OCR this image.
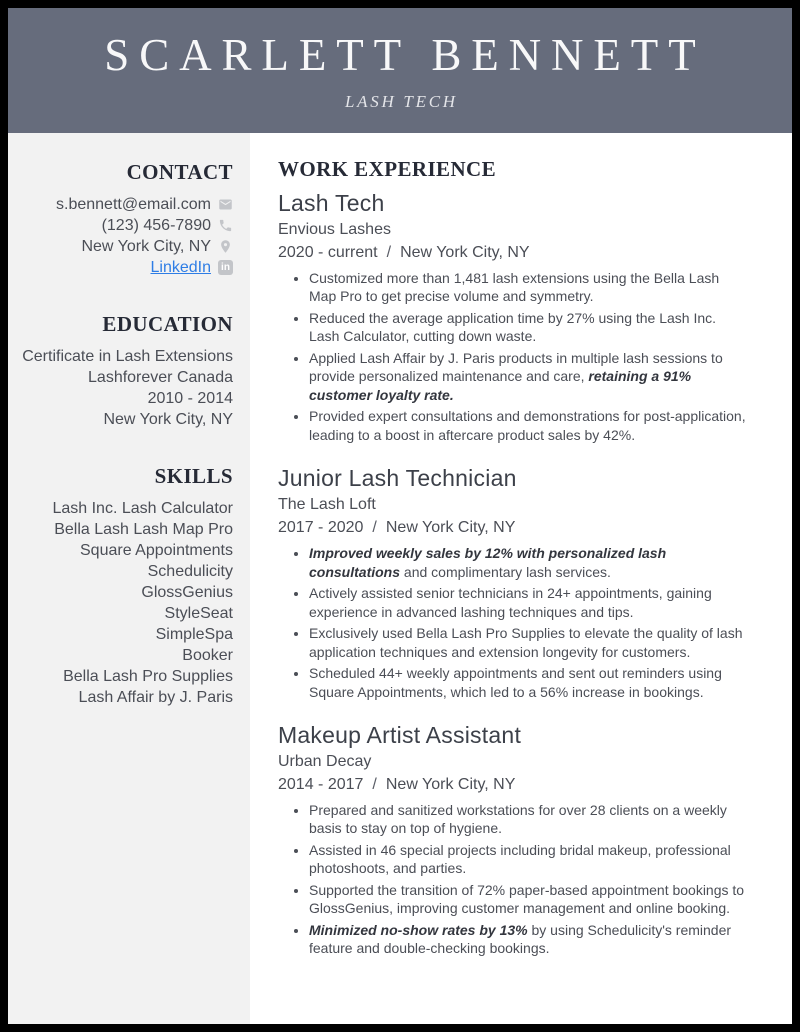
SCARLETT BENNETT
LASH TECH
CONTACT
s.bennett@email.com
(123) 456-7890
New York City, NY
LinkedIn	in
EDUCATION
Certificate in Lash Extensions
Lashforever Canada
2010 - 2014
New York City, NY
SKILLS
Lash Inc. Lash Calculator
Bella Lash Lash Map Pro
Square Appointments
Schedulicity
GlossGenius
StyleSeat
SimpleSpa
Booker
Bella Lash Pro Supplies
Lash Affair by J. Paris
WORK EXPERIENCE
Lash Tech
Envious Lashes
2020 - current / New York City, NY
• Customized more than 1,481 lash extensions using the Bella Lash Map Pro to get precise volume and symmetry.
• Reduced the average application time by 27% using the Lash Inc. Lash Calculator, cutting down waste.
• Applied Lash Affair by J. Paris products in multiple lash sessions to provide personalized maintenance and care, retaining a 91% customer loyalty rate.
• Provided expert consultations and demonstrations for post-application, leading to a boost in aftercare product sales by 42%.
Junior Lash Technician
The Lash Loft
2017 - 2020 / New York City, NY
• Improved weekly sales by 12% with personalized lash consultations and complimentary lash services.
• Actively assisted senior technicians in 24+ appointments, gaining experience in advanced lashing techniques and tips.
• Exclusively used Bella Lash Pro Supplies to elevate the quality of lash application techniques and extension longevity for customers.
• Scheduled 44+ weekly appointments and sent out reminders using Square Appointments, which led to a 56% increase in bookings.
Makeup Artist Assistant
Urban Decay
2014 - 2017 / New York City, NY
• Prepared and sanitized workstations for over 28 clients on a weekly basis to stay on top of hygiene.
• Assisted in 46 special projects including bridal makeup, professional photoshoots, and parties.
• Supported the transition of 72% paper-based appointment bookings to GlossGenius, improving customer management and online booking.
• Minimized no-show rates by 13% by using Schedulicity's reminder feature and double-checking bookings.
